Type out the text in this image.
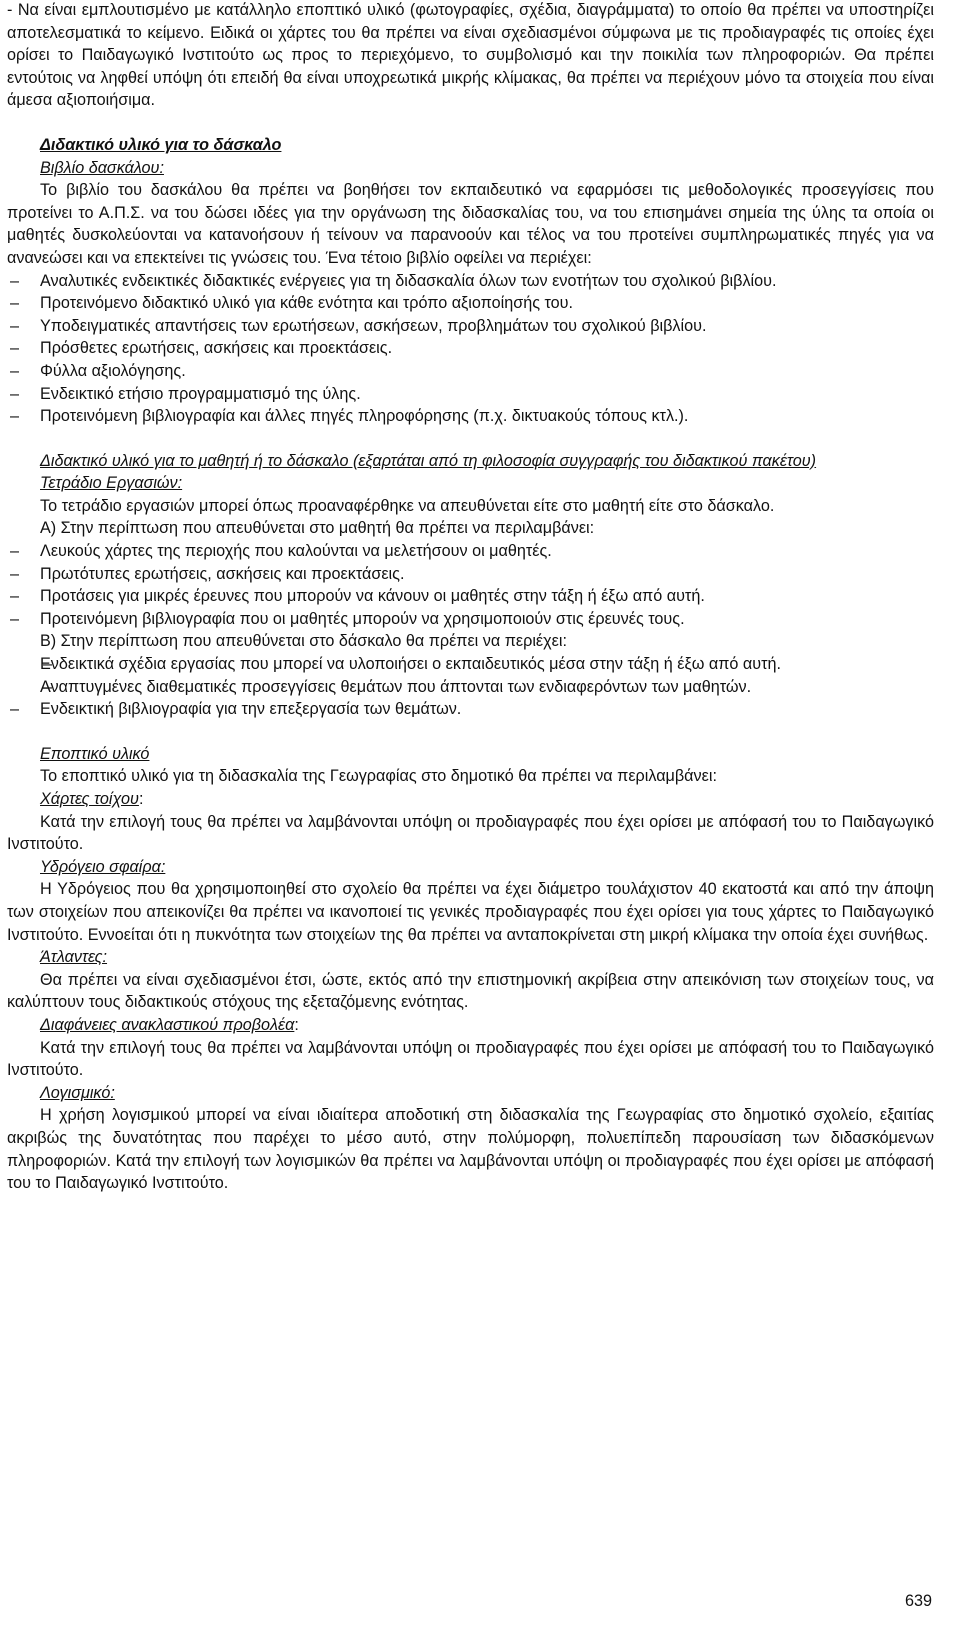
- Να είναι εμπλουτισμένο με κατάλληλο εποπτικό υλικό (φωτογραφίες, σχέδια, διαγράμματα) το οποίο θα πρέπει να υποστηρίζει αποτελεσματικά το κείμενο. Ειδικά οι χάρτες του θα πρέπει να είναι σχεδιασμένοι σύμφωνα με τις προδιαγραφές τις οποίες έχει ορίσει το Παιδαγωγικό Ινστιτούτο ως προς το περιεχόμενο, το συμβολισμό και την ποικιλία των πληροφοριών. Θα πρέπει εντούτοις να ληφθεί υπόψη ότι επειδή θα είναι υποχρεωτικά μικρής κλίμακας, θα πρέπει να περιέχουν μόνο τα στοιχεία που είναι άμεσα αξιοποιήσιμα.

Διδακτικό υλικό για το δάσκαλο

Βιβλίο δασκάλου:

Το βιβλίο του δασκάλου θα πρέπει να βοηθήσει τον εκπαιδευτικό να εφαρμόσει τις μεθοδολογικές προσεγγίσεις που προτείνει το Α.Π.Σ. να του δώσει ιδέες για την οργάνωση της διδασκαλίας του, να του επισημάνει σημεία της ύλης τα οποία οι μαθητές δυσκολεύονται να κατανοήσουν ή τείνουν να παρανοούν και τέλος να του προτείνει συμπληρωματικές πηγές για να ανανεώσει και να επεκτείνει τις γνώσεις του. Ένα τέτοιο βιβλίο οφείλει να περιέχει:

– Αναλυτικές ενδεικτικές διδακτικές ενέργειες για τη διδασκαλία όλων των ενοτήτων του σχολικού βιβλίου.
– Προτεινόμενο διδακτικό υλικό για κάθε ενότητα και τρόπο αξιοποίησής του.
– Υποδειγματικές απαντήσεις των ερωτήσεων, ασκήσεων, προβλημάτων του σχολικού βιβλίου.
– Πρόσθετες ερωτήσεις, ασκήσεις και προεκτάσεις.
– Φύλλα αξιολόγησης.
– Ενδεικτικό ετήσιο προγραμματισμό της ύλης.
– Προτεινόμενη βιβλιογραφία και άλλες πηγές πληροφόρησης (π.χ. δικτυακούς τόπους κτλ.).

Διδακτικό υλικό για το μαθητή ή το δάσκαλο (εξαρτάται από τη φιλοσοφία συγγραφής του διδακτικού πακέτου)

Τετράδιο Εργασιών:

Το τετράδιο εργασιών μπορεί όπως προαναφέρθηκε να απευθύνεται είτε στο μαθητή είτε στο δάσκαλο.

Α) Στην περίπτωση που απευθύνεται στο μαθητή θα πρέπει να περιλαμβάνει:

– Λευκούς χάρτες της περιοχής που καλούνται να μελετήσουν οι μαθητές.
– Πρωτότυπες ερωτήσεις, ασκήσεις και προεκτάσεις.
– Προτάσεις για μικρές έρευνες που μπορούν να κάνουν οι μαθητές στην τάξη ή έξω από αυτή.
– Προτεινόμενη βιβλιογραφία που οι μαθητές μπορούν να χρησιμοποιούν στις έρευνές τους.

Β) Στην περίπτωση που απευθύνεται στο δάσκαλο θα πρέπει να περιέχει:

– Ενδεικτικά σχέδια εργασίας που μπορεί να υλοποιήσει ο εκπαιδευτικός μέσα στην τάξη ή έξω από αυτή.
– Αναπτυγμένες διαθεματικές προσεγγίσεις θεμάτων που άπτονται των ενδιαφερόντων των μαθητών.
– Ενδεικτική βιβλιογραφία για την επεξεργασία των θεμάτων.

Εποπτικό υλικό

Το εποπτικό υλικό για τη διδασκαλία της Γεωγραφίας στο δημοτικό θα πρέπει να περιλαμβάνει:

Χάρτες τοίχου:

Κατά την επιλογή τους θα πρέπει να λαμβάνονται υπόψη οι προδιαγραφές που έχει ορίσει με απόφασή του το Παιδαγωγικό Ινστιτούτο.

Υδρόγειο σφαίρα:

Η Υδρόγειος που θα χρησιμοποιηθεί στο σχολείο θα πρέπει να έχει διάμετρο τουλάχιστον 40 εκατοστά και από την άποψη των στοιχείων που απεικονίζει θα πρέπει να ικανοποιεί τις γενικές προδιαγραφές που έχει ορίσει για τους χάρτες το Παιδαγωγικό Ινστιτούτο. Εννοείται ότι η πυκνότητα των στοιχείων της θα πρέπει να ανταποκρίνεται στη μικρή κλίμακα την οποία έχει συνήθως.

Άτλαντες:

Θα πρέπει να είναι σχεδιασμένοι έτσι, ώστε, εκτός από την επιστημονική ακρίβεια στην απεικόνιση των στοιχείων τους, να καλύπτουν τους διδακτικούς στόχους της εξεταζόμενης ενότητας.

Διαφάνειες ανακλαστικού προβολέα:

Κατά την επιλογή τους θα πρέπει να λαμβάνονται υπόψη οι προδιαγραφές που έχει ορίσει με απόφασή του το Παιδαγωγικό Ινστιτούτο.

Λογισμικό:

Η χρήση λογισμικού μπορεί να είναι ιδιαίτερα αποδοτική στη διδασκαλία της Γεωγραφίας στο δημοτικό σχολείο, εξαιτίας ακριβώς της δυνατότητας που παρέχει το μέσο αυτό, στην πολύμορφη, πολυεπίπεδη παρουσίαση των διδασκόμενων πληροφοριών. Κατά την επιλογή των λογισμικών θα πρέπει να λαμβάνονται υπόψη οι προδιαγραφές που έχει ορίσει με απόφασή του το Παιδαγωγικό Ινστιτούτο.

639
